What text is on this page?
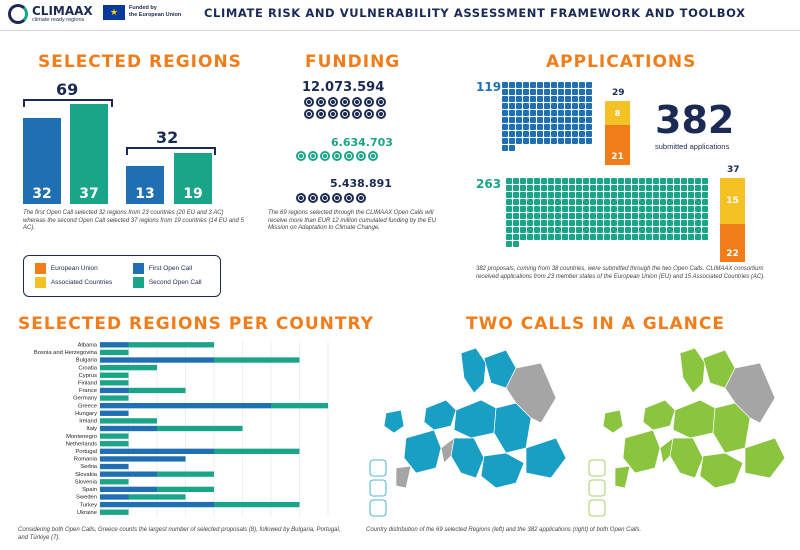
CLIMAAX
climate ready regions
★	Funded by
the European Union CLIMATE RISK AND VULNERABILITY ASSESSMENT FRAMEWORK AND TOOLBOX
SELECTED REGIONS
69
32
32 37	13 19
The first Open Call selected 32 regions from 23 countries (20 EU and 3 AC) whereas the second Open Call selected 37 regions from 19 countries (14 EU and 5 AC).
European Union	First Open Call
Associated Countries	Second Open Call
FUNDING
12.073.594
6.634.703
5.438.891
The 69 regions selected through the CLIMAAX Open Calls will receive more than EUR 12 million cumulated funding by the EU Mission on Adaptation to Climate Change.
APPLICATIONS
119	29
8
21
382
submitted applications
263
37
15
22
382 proposals, coming from 38 countries, were submitted through the two Open Calls. CLIMAAX consortium received applications from 23 member states of the European Union (EU) and 15 Associated Countries (AC).
SELECTED REGIONS PER COUNTRY
Albania
Bosnia and Herzegovina
Bulgaria
Croatia
Cyprus
Finland
France
Germany
Greece
Hungary
Ireland
Italy
Montenegro
Netherlands
Portugal
Romania
Serbia
Slovakia
Slovenia
Spain
Sweden
Turkey
Ukraine
Considering both Open Calls, Greece counts the largest number of selected proposals (8), followed by Bulgaria, Portugal, and Türkiye (7).
TWO CALLS IN A GLANCE
Country distribution of the 69 selected Regions (left) and the 382 applications (right) of both Open Calls.
